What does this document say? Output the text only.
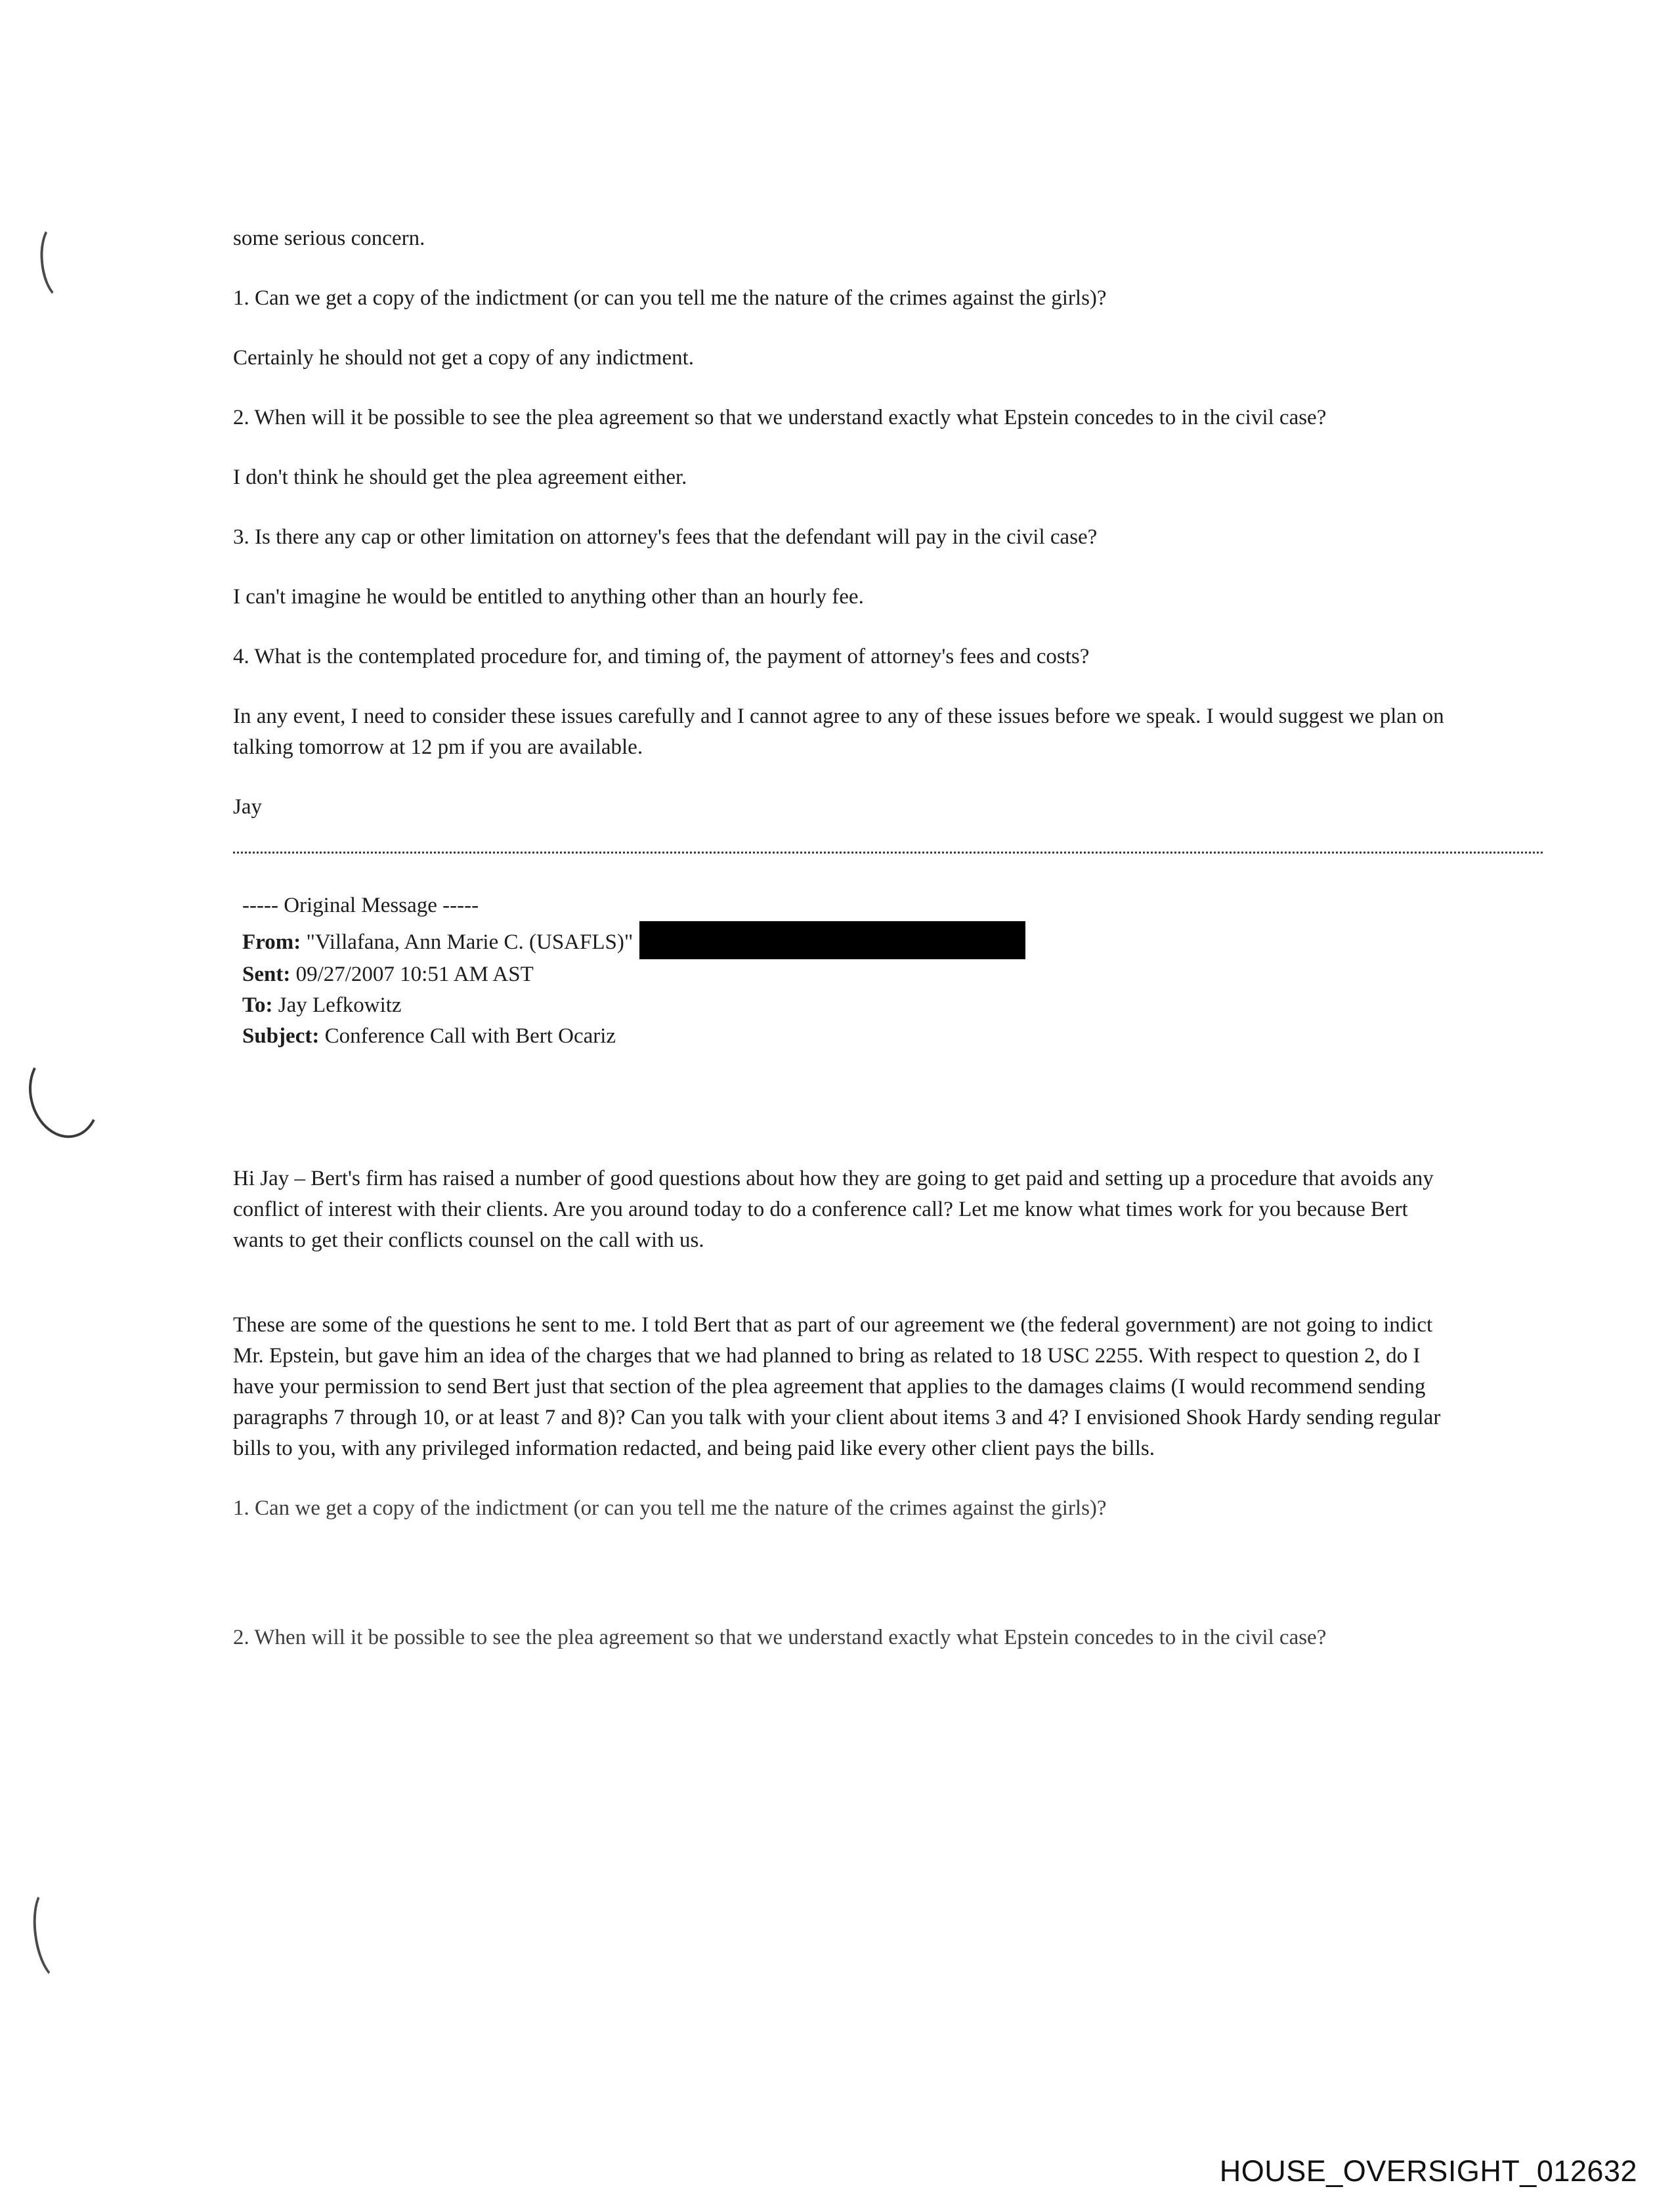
some serious concern.

1. Can we get a copy of the indictment (or can you tell me the nature of the crimes against the girls)?

Certainly he should not get a copy of any indictment.

2. When will it be possible to see the plea agreement so that we understand exactly what Epstein concedes to in the civil case?

I don't think he should get the plea agreement either.

3. Is there any cap or other limitation on attorney's fees that the defendant will pay in the civil case?

I can't imagine he would be entitled to anything other than an hourly fee.

4. What is the contemplated procedure for, and timing of, the payment of attorney's fees and costs?

In any event, I need to consider these issues carefully and I cannot agree to any of these issues before we speak. I would suggest we plan on talking tomorrow at 12 pm if you are available.

Jay

----- Original Message -----

From: "Villafana, Ann Marie C. (USAFLS)"

Sent: 09/27/2007 10:51 AM AST

To: Jay Lefkowitz

Subject: Conference Call with Bert Ocariz

Hi Jay – Bert's firm has raised a number of good questions about how they are going to get paid and setting up a procedure that avoids any conflict of interest with their clients. Are you around today to do a conference call? Let me know what times work for you because Bert wants to get their conflicts counsel on the call with us.

These are some of the questions he sent to me. I told Bert that as part of our agreement we (the federal government) are not going to indict Mr. Epstein, but gave him an idea of the charges that we had planned to bring as related to 18 USC 2255. With respect to question 2, do I have your permission to send Bert just that section of the plea agreement that applies to the damages claims (I would recommend sending paragraphs 7 through 10, or at least 7 and 8)? Can you talk with your client about items 3 and 4? I envisioned Shook Hardy sending regular bills to you, with any privileged information redacted, and being paid like every other client pays the bills.

1. Can we get a copy of the indictment (or can you tell me the nature of the crimes against the girls)?

2. When will it be possible to see the plea agreement so that we understand exactly what Epstein concedes to in the civil case?

HOUSE_OVERSIGHT_012632
